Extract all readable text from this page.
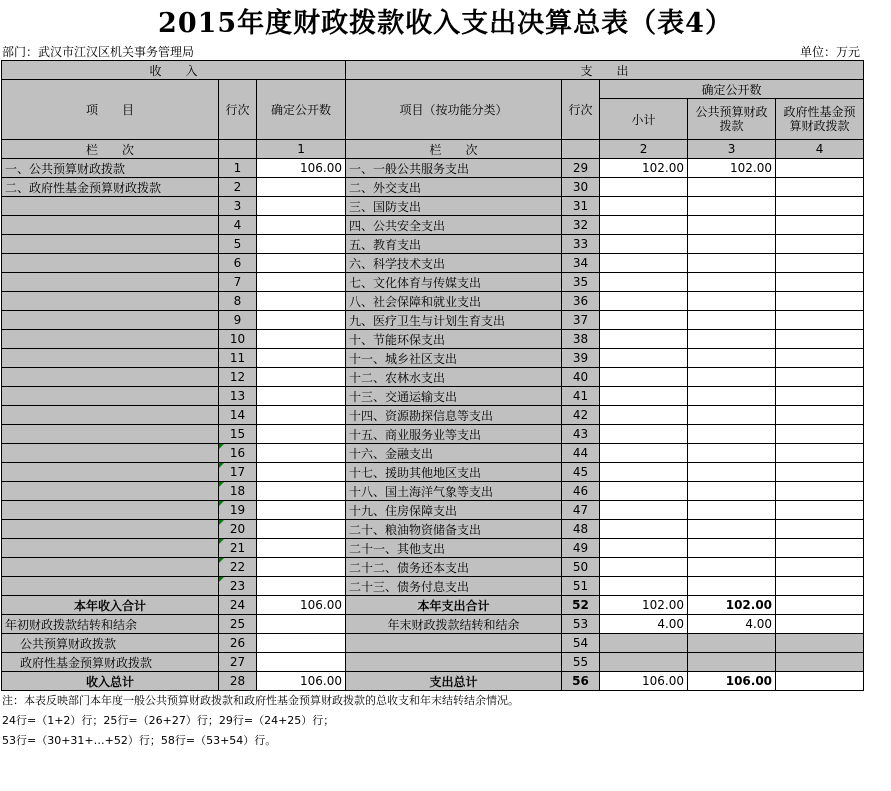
2015年度财政拨款收入支出决算总表（表4）
部门：武汉市江汉区机关事务管理局	单位：万元
收　　入			支　　出				
项　　目	行次	确定公开数	项目（按功能分类）	行次	确定公开数		
					小计	公共预算财政拨款	政府性基金预算财政拨款
栏　　次		1	栏　　次		2	3	4
一、公共预算财政拨款	1	106.00	一、一般公共服务支出	29	102.00	102.00	
二、政府性基金预算财政拨款	2		二、外交支出	30			
	3		三、国防支出	31			
	4		四、公共安全支出	32			
	5		五、教育支出	33			
	6		六、科学技术支出	34			
	7		七、文化体育与传媒支出	35			
	8		八、社会保障和就业支出	36			
	9		九、医疗卫生与计划生育支出	37			
	10		十、节能环保支出	38			
	11		十一、城乡社区支出	39			
	12		十二、农林水支出	40			
	13		十三、交通运输支出	41			
	14		十四、资源勘探信息等支出	42			
	15		十五、商业服务业等支出	43			
	16		十六、金融支出	44			
	17		十七、援助其他地区支出	45			
	18		十八、国土海洋气象等支出	46			
	19		十九、住房保障支出	47			
	20		二十、粮油物资储备支出	48			
	21		二十一、其他支出	49			
	22		二十二、债务还本支出	50			
	23		二十三、债务付息支出	51			
本年收入合计	24	106.00	本年支出合计	52	102.00	102.00	
年初财政拨款结转和结余	25		年末财政拨款结转和结余	53	4.00	4.00	
公共预算财政拨款	26			54			
政府性基金预算财政拨款	27			55			
收入总计	28	106.00	支出总计	56	106.00	106.00	
注：本表反映部门本年度一般公共预算财政拨款和政府性基金预算财政拨款的总收支和年末结转结余情况。
24行=（1+2）行；25行=（26+27）行；29行=（24+25）行；
53行=（30+31+…+52）行；58行=（53+54）行。
